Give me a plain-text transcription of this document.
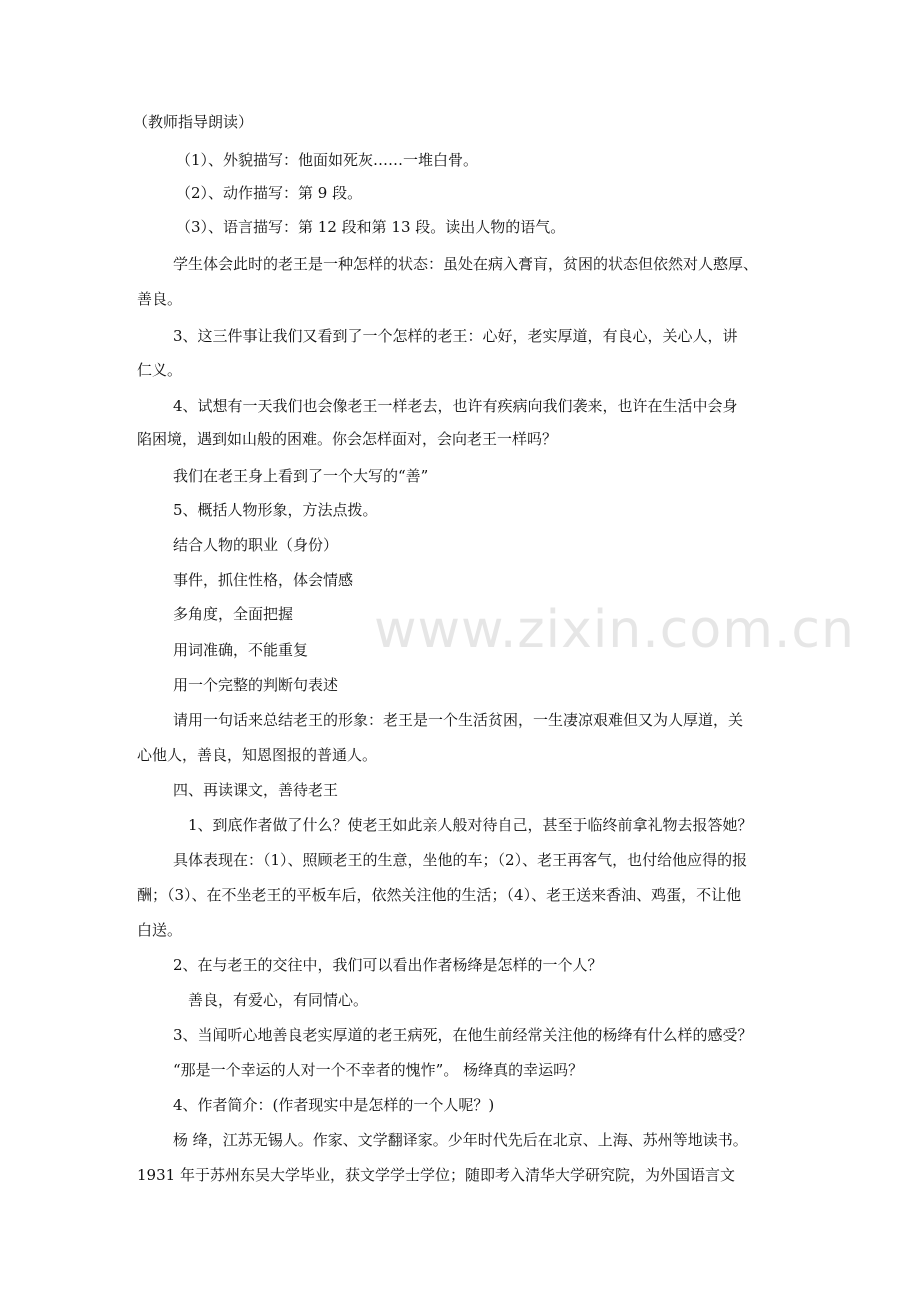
www.zixin.com.cn
（教师指导朗读）
（1）、外貌描写：他面如死灰……一堆白骨。
（2）、动作描写：第 9 段。
（3）、语言描写：第 12 段和第 13 段。读出人物的语气。
学生体会此时的老王是一种怎样的状态：虽处在病入膏肓，贫困的状态但依然对人憨厚、
善良。
3、这三件事让我们又看到了一个怎样的老王：心好，老实厚道，有良心，关心人，讲
仁义。
4、试想有一天我们也会像老王一样老去，也许有疾病向我们袭来，也许在生活中会身
陷困境，遇到如山般的困难。你会怎样面对，会向老王一样吗？
我们在老王身上看到了一个大写的“善”
5、概括人物形象，方法点拨。
结合人物的职业（身份）
事件，抓住性格，体会情感
多角度，全面把握
用词准确，不能重复
用一个完整的判断句表述
请用一句话来总结老王的形象：老王是一个生活贫困，一生凄凉艰难但又为人厚道，关
心他人，善良，知恩图报的普通人。
四、再读课文，善待老王
1、到底作者做了什么？使老王如此亲人般对待自己，甚至于临终前拿礼物去报答她？
具体表现在：（1）、照顾老王的生意，坐他的车；（2）、老王再客气，也付给他应得的报
酬；（3）、在不坐老王的平板车后，依然关注他的生活；（4）、老王送来香油、鸡蛋，不让他
白送。
2、在与老王的交往中，我们可以看出作者杨绛是怎样的一个人？
善良，有爱心，有同情心。
3、当闻听心地善良老实厚道的老王病死，在他生前经常关注他的杨绛有什么样的感受？
“那是一个幸运的人对一个不幸者的愧怍”。 杨绛真的幸运吗？
4、作者简介：(作者现实中是怎样的一个人呢？)
杨 绛，江苏无锡人。作家、文学翻译家。少年时代先后在北京、上海、苏州等地读书。
1931 年于苏州东吴大学毕业，获文学学士学位；随即考入清华大学研究院，为外国语言文
